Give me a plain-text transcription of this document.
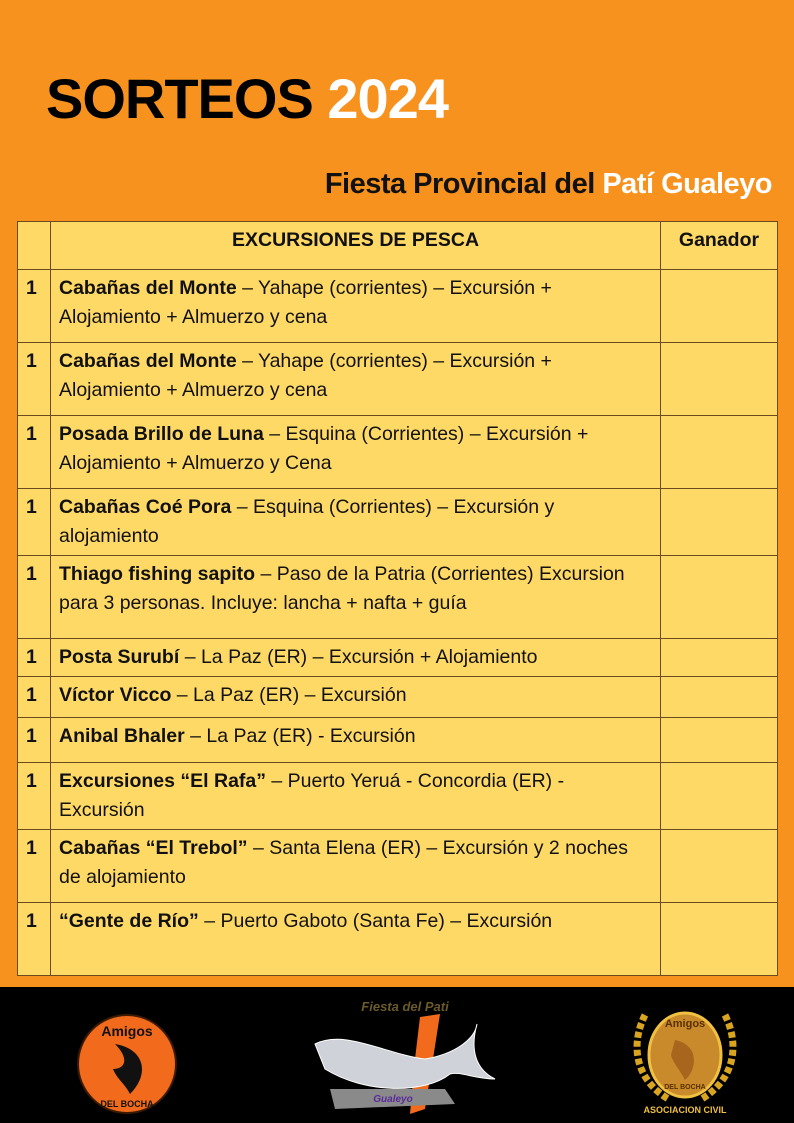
SORTEOS 2024
Fiesta Provincial del Patí Gualeyo
	EXCURSIONES DE PESCA	Ganador
1	Cabañas del Monte – Yahape (corrientes) – Excursión + Alojamiento + Almuerzo y cena	
1	Cabañas del Monte – Yahape (corrientes) – Excursión + Alojamiento + Almuerzo y cena	
1	Posada Brillo de Luna – Esquina (Corrientes) – Excursión + Alojamiento + Almuerzo y Cena	
1	Cabañas Coé Pora – Esquina (Corrientes) – Excursión y alojamiento	
1	Thiago fishing sapito – Paso de la Patria (Corrientes) Excursion para 3 personas. Incluye: lancha + nafta + guía	
1	Posta Surubí – La Paz (ER) – Excursión + Alojamiento	
1	Víctor Vicco – La Paz (ER) – Excursión	
1	Anibal Bhaler – La Paz (ER) - Excursión	
1	Excursiones “El Rafa” – Puerto Yeruá - Concordia (ER) - Excursión	
1	Cabañas “El Trebol” – Santa Elena (ER) – Excursión y 2 noches de alojamiento	
1	“Gente de Río” – Puerto Gaboto (Santa Fe) – Excursión	
Amigos
DEL BOCHA
Fiesta del Pati
Gualeyo
Amigos
DEL BOCHA
ASOCIACION CIVIL
